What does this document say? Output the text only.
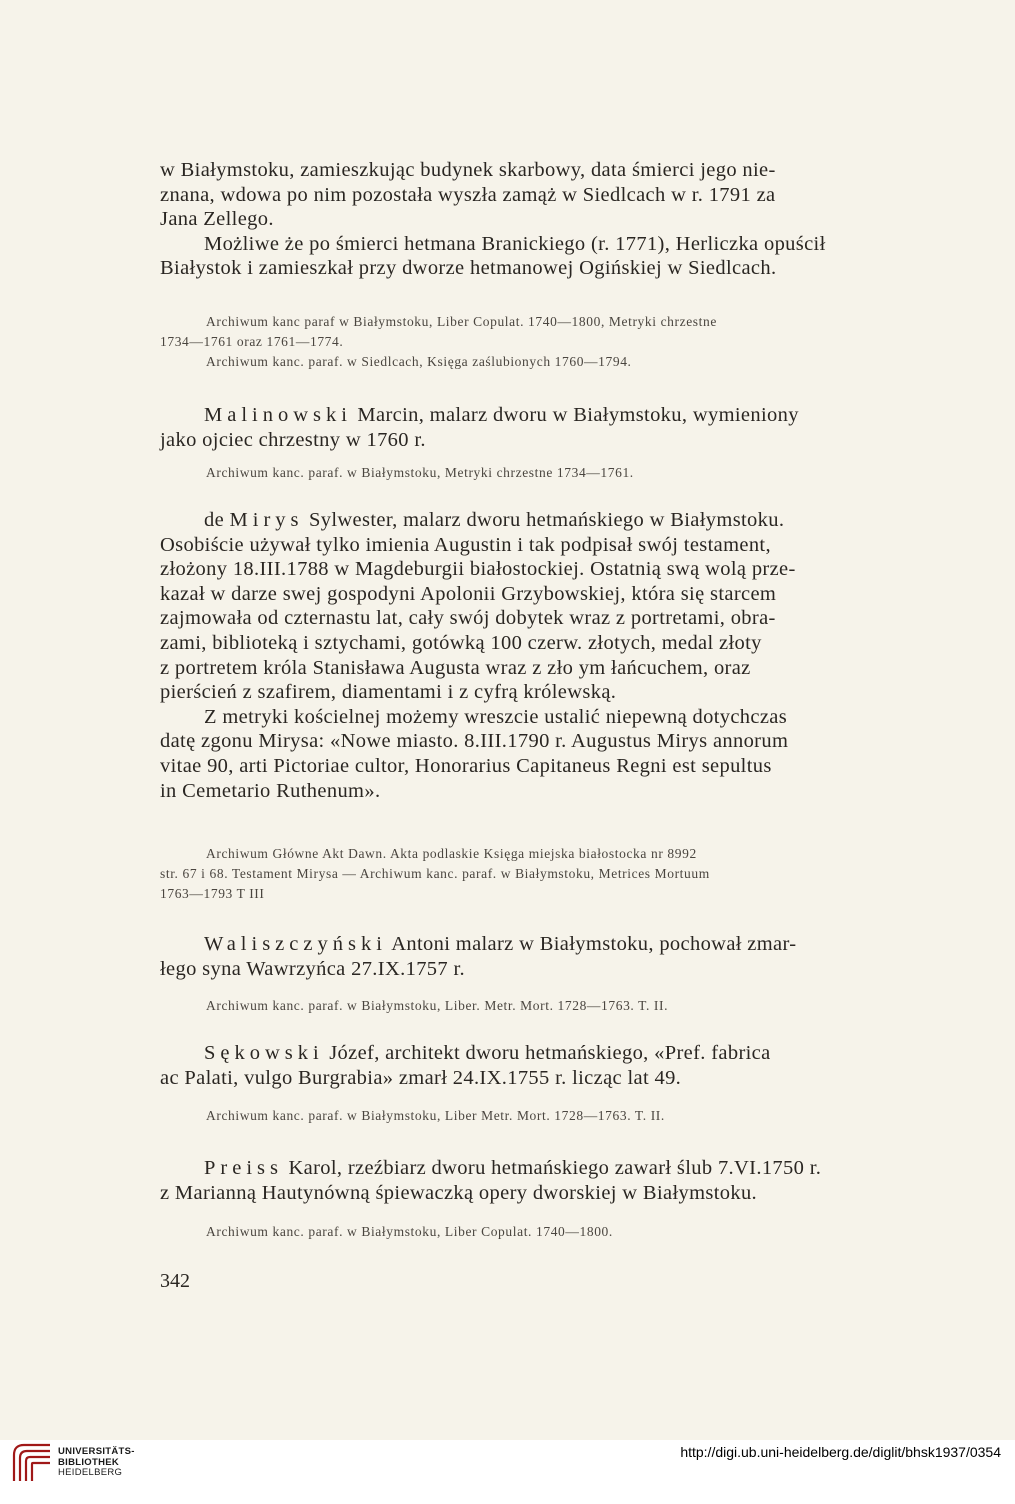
w Białymstoku, zamieszkując budynek skarbowy, data śmierci jego nie-

znana, wdowa po nim pozostała wyszła zamąż w Siedlcach w r. 1791 za

Jana Zellego.

Możliwe że po śmierci hetmana Branickiego (r. 1771), Herliczka opuścił

Białystok i zamieszkał przy dworze hetmanowej Ogińskiej w Siedlcach.

Archiwum kanc paraf w Białymstoku, Liber Copulat. 1740—1800, Metryki chrzestne

1734—1761 oraz 1761—1774.

Archiwum kanc. paraf. w Siedlcach, Księga zaślubionych 1760—1794.

Malinowski Marcin, malarz dworu w Białymstoku, wymieniony

jako ojciec chrzestny w 1760 r.

Archiwum kanc. paraf. w Białymstoku, Metryki chrzestne 1734—1761.

de Mirys Sylwester, malarz dworu hetmańskiego w Białymstoku.

Osobiście używał tylko imienia Augustin i tak podpisał swój testament,

złożony 18.III.1788 w Magdeburgii białostockiej. Ostatnią swą wolą prze-

kazał w darze swej gospodyni Apolonii Grzybowskiej, która się starcem

zajmowała od czternastu lat, cały swój dobytek wraz z portretami, obra-

zami, biblioteką i sztychami, gotówką 100 czerw. złotych, medal złoty

z portretem króla Stanisława Augusta wraz z zło ym łańcuchem, oraz

pierścień z szafirem, diamentami i z cyfrą królewską.

Z metryki kościelnej możemy wreszcie ustalić niepewną dotychczas

datę zgonu Mirysa: «Nowe miasto. 8.III.1790 r. Augustus Mirys annorum

vitae 90, arti Pictoriae cultor, Honorarius Capitaneus Regni est sepultus

in Cemetario Ruthenum».

Archiwum Główne Akt Dawn. Akta podlaskie Księga miejska białostocka nr 8992

str. 67 i 68. Testament Mirysa — Archiwum kanc. paraf. w Białymstoku, Metrices Mortuum

1763—1793 T III

Waliszczyński Antoni malarz w Białymstoku, pochował zmar-

łego syna Wawrzyńca 27.IX.1757 r.

Archiwum kanc. paraf. w Białymstoku, Liber. Metr. Mort. 1728—1763. T. II.

Sękowski Józef, architekt dworu hetmańskiego, «Pref. fabrica

ac Palati, vulgo Burgrabia» zmarł 24.IX.1755 r. licząc lat 49.

Archiwum kanc. paraf. w Białymstoku, Liber Metr. Mort. 1728—1763. T. II.

Preiss Karol, rzeźbiarz dworu hetmańskiego zawarł ślub 7.VI.1750 r.

z Marianną Hautynówną śpiewaczką opery dworskiej w Białymstoku.

Archiwum kanc. paraf. w Białymstoku, Liber Copulat. 1740—1800.

342
UNIVERSITÄTS-
BIBLIOTHEK
HEIDELBERG
http://digi.ub.uni-heidelberg.de/diglit/bhsk1937/0354
